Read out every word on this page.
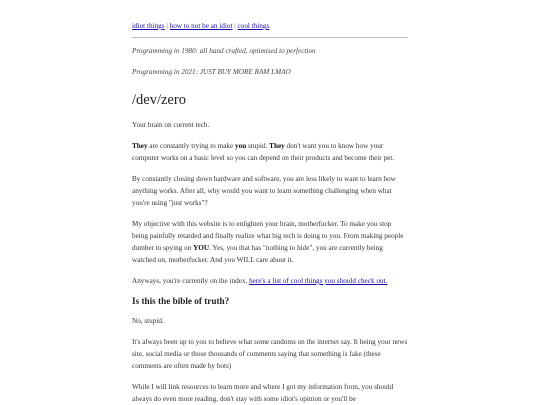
idiot things | how to not be an idiot | cool things

Programming in 1980: all hand crafted, optimised to perfection

Programming in 2021: JUST BUY MORE RAM LMAO

/dev/zero

Your brain on current tech.

They are constantly trying to make you stupid. They don't want you to know how your computer works on a basic level so you can depend on their products and become their pet.

By constantly closing down hardware and software, you are less likely to want to learn how anything works. After all, why would you want to learn something challenging when what you're using "just works"?

My objective with this website is to enlighten your brain, motherfucker. To make you stop being painfully retarded and finally realize what big tech is doing to you. From making people dumber to spying on YOU. Yes, you that has "nothing to hide", you are currently being watched on, motherfucker. And you WILL care about it.

Anyways, you're currently on the index, here's a list of cool things you should check out.

Is this the bible of truth?

No, stupid.

It's always been up to you to believe what some randoms on the internet say. It being your news site, social media or those thousands of comments saying that something is fake (these comments are often made by bots)

While I will link resources to learn more and where I got my information from, you should always do even more reading, don't stay with some idiot's opinion or you'll be
